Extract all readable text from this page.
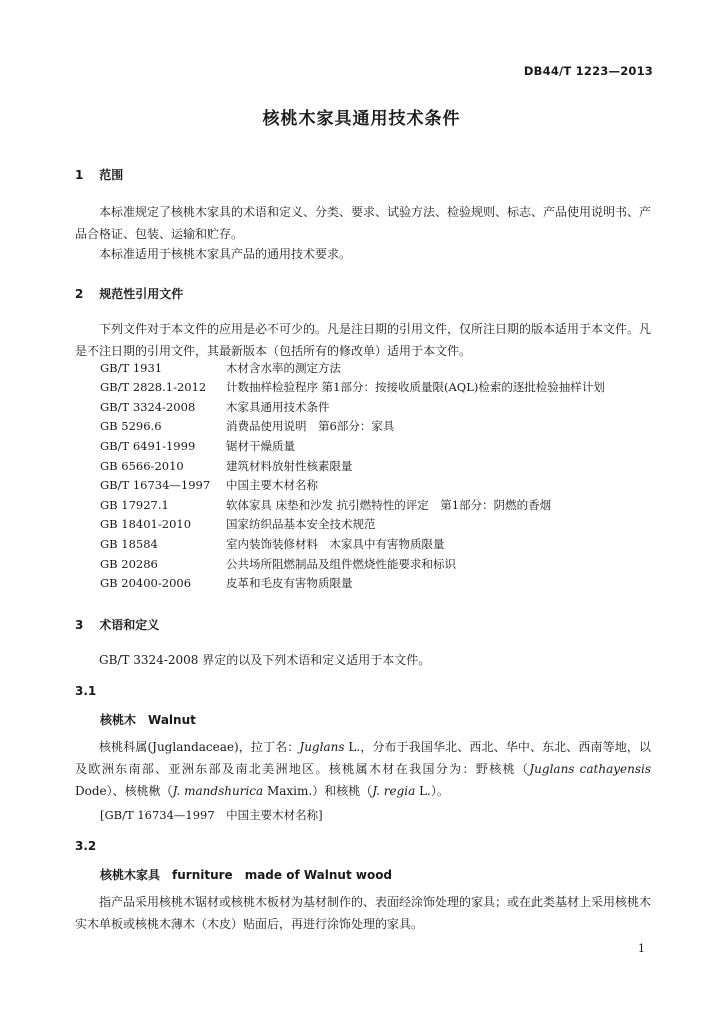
DB44/T 1223—2013
核桃木家具通用技术条件
1 范围

本标准规定了核桃木家具的术语和定义、分类、要求、试验方法、检验规则、标志、产品使用说明书、产品合格证、包装、运输和贮存。

本标准适用于核桃木家具产品的通用技术要求。

2 规范性引用文件

下列文件对于本文件的应用是必不可少的。凡是注日期的引用文件，仅所注日期的版本适用于本文件。凡是不注日期的引用文件，其最新版本（包括所有的修改单）适用于本文件。

GB/T 1931	木材含水率的测定方法
GB/T 2828.1-2012 计数抽样检验程序 第1部分：按接收质量限(AQL)检索的逐批检验抽样计划
GB/T 3324-2008	木家具通用技术条件
GB 5296.6	消费品使用说明　第6部分：家具
GB/T 6491-1999	锯材干燥质量
GB 6566-2010	建筑材料放射性核素限量
GB/T 16734—1997 中国主要木材名称
GB 17927.1	软体家具 床垫和沙发 抗引燃特性的评定　第1部分：阴燃的香烟
GB 18401-2010	国家纺织品基本安全技术规范
GB 18584	室内装饰装修材料　木家具中有害物质限量
GB 20286	公共场所阻燃制品及组件燃烧性能要求和标识
GB 20400-2006	皮革和毛皮有害物质限量
3 术语和定义

GB/T 3324-2008 界定的以及下列术语和定义适用于本文件。

3.1
核桃木 Walnut

核桃科属(Juglandaceae)，拉丁名：Juglans L.，分布于我国华北、西北、华中、东北、西南等地，以及欧洲东南部、亚洲东部及南北美洲地区。核桃属木材在我国分为：野核桃（Juglans cathayensis Dode）、核桃楸（J. mandshurica Maxim.）和核桃（J. regia L.）。

[GB/T 16734—1997　中国主要木材名称]
3.2
核桃木家具 furniture　made of Walnut wood

指产品采用核桃木锯材或核桃木板材为基材制作的、表面经涂饰处理的家具；或在此类基材上采用核桃木实木单板或核桃木薄木（木皮）贴面后，再进行涂饰处理的家具。

1
